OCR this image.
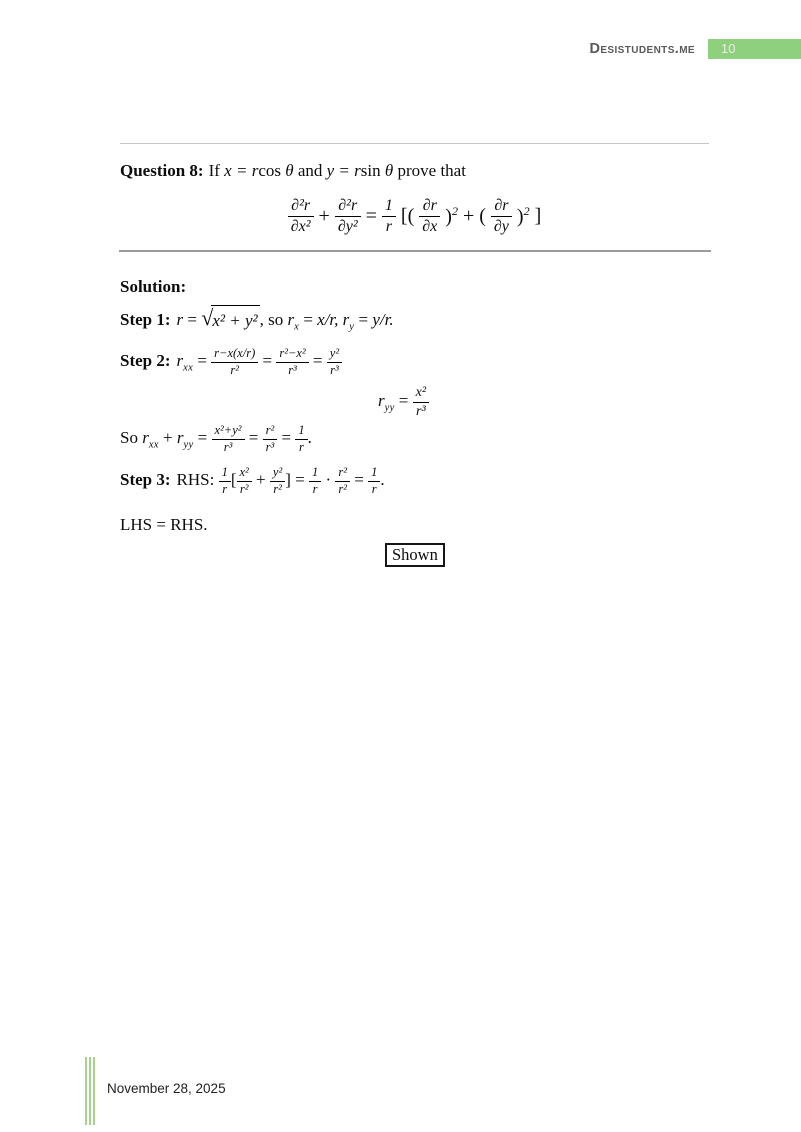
Desistudents.me	10
Question 8: If x = rcos θ and y = rsin θ prove that
$\frac{\text{∂²r}}{\text{∂x²}} + \frac{\text{∂²r}}{\text{∂y²}} = \frac{1}{r}$ [( $\frac{\partial r}{\partial x} )^2$ + ( $\frac{\partial r}{\partial y} )^2$ ]
Solution:
Step 1: r = √x² + y² , so $r_x = x/r$, $r_y = y/r$.
Step 2: $r_{xx} = \frac{r-x(x/r)}{\text{r²}} = \frac{\text{r²−x²}}{\text{r³}} = \frac{\text{y²}}{\text{r³}}$
$r_{yy} = \frac{\text{x²}}{\text{r³}}$
So $r_{xx} + r_{yy} = \frac{\text{x²+y²}}{\text{r³}} = \frac{\text{r²}}{\text{r³}} = \frac{1}{r}$ .
Step 3: RHS: $\frac{1}{r}$ [ $\frac{\text{x²}}{\text{r²}} + \frac{\text{y²}}{\text{r²}}$ ] = $\frac{1}{r} \cdot \frac{\text{r²}}{\text{r²}} = \frac{1}{r}$ .
LHS = RHS.
Shown
November 28, 2025
